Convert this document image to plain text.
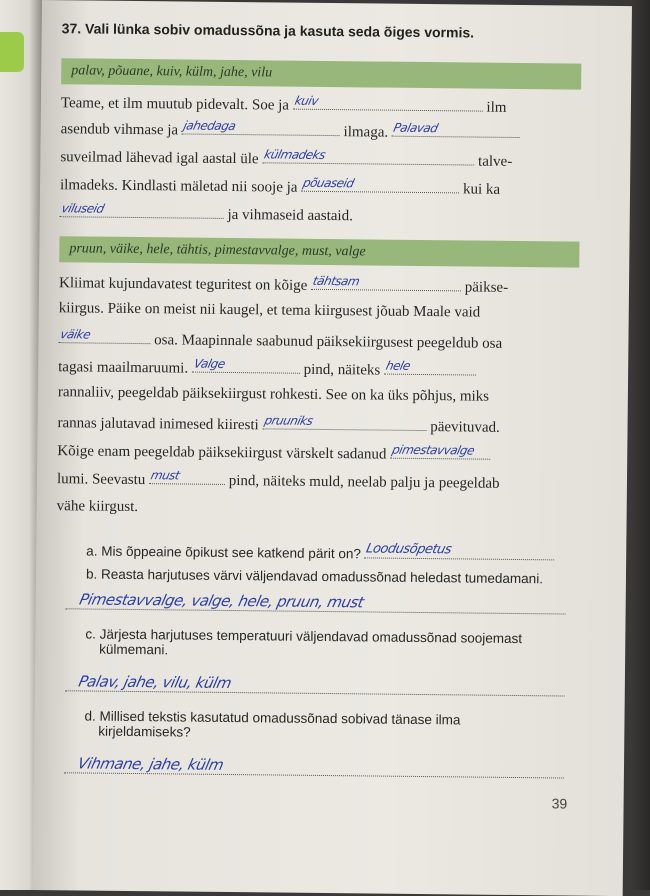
37. Vali lünka sobiv omadussõna ja kasuta seda õiges vormis.
palav, põuane, kuiv, külm, jahe, vilu
Teame, et ilm muutub pidevalt. Soe ja kuiv	ilm
asendub vihmase ja jahedaga	ilmaga. Palavad
suveilmad lähevad igal aastal üle külmadeks	talve-
ilmadeks. Kindlasti mäletad nii sooje ja põuaseid	kui ka
viluseid	ja vihmaseid aastaid.
pruun, väike, hele, tähtis, pimestavvalge, must, valge
Kliimat kujundavatest teguritest on kõige tähtsam	päikse-
kiirgus. Päike on meist nii kaugel, et tema kiirgusest jõuab Maale vaid
väike	osa. Maapinnale saabunud päiksekiirgusest peegeldub osa
tagasi maailmaruumi. Valge	pind, näiteks hele
rannaliiv, peegeldab päiksekiirgust rohkesti. See on ka üks põhjus, miks
rannas jalutavad inimesed kiiresti pruuniks	päevituvad.
Kõige enam peegeldab päiksekiirgust värskelt sadanud pimestavvalge
lumi. Seevastu must	pind, näiteks muld, neelab palju ja peegeldab
vähe kiirgust.
a. Mis õppeaine õpikust see katkend pärit on? Loodusõpetus
b. Reasta harjutuses värvi väljendavad omadussõnad heledast tumedamani.
Pimestavvalge, valge, hele, pruun, must
c. Järjesta harjutuses temperatuuri väljendavad omadussõnad soojemast
külmemani.
Palav, jahe, vilu, külm
d. Millised tekstis kasutatud omadussõnad sobivad tänase ilma
kirjeldamiseks?
Vihmane, jahe, külm
39
